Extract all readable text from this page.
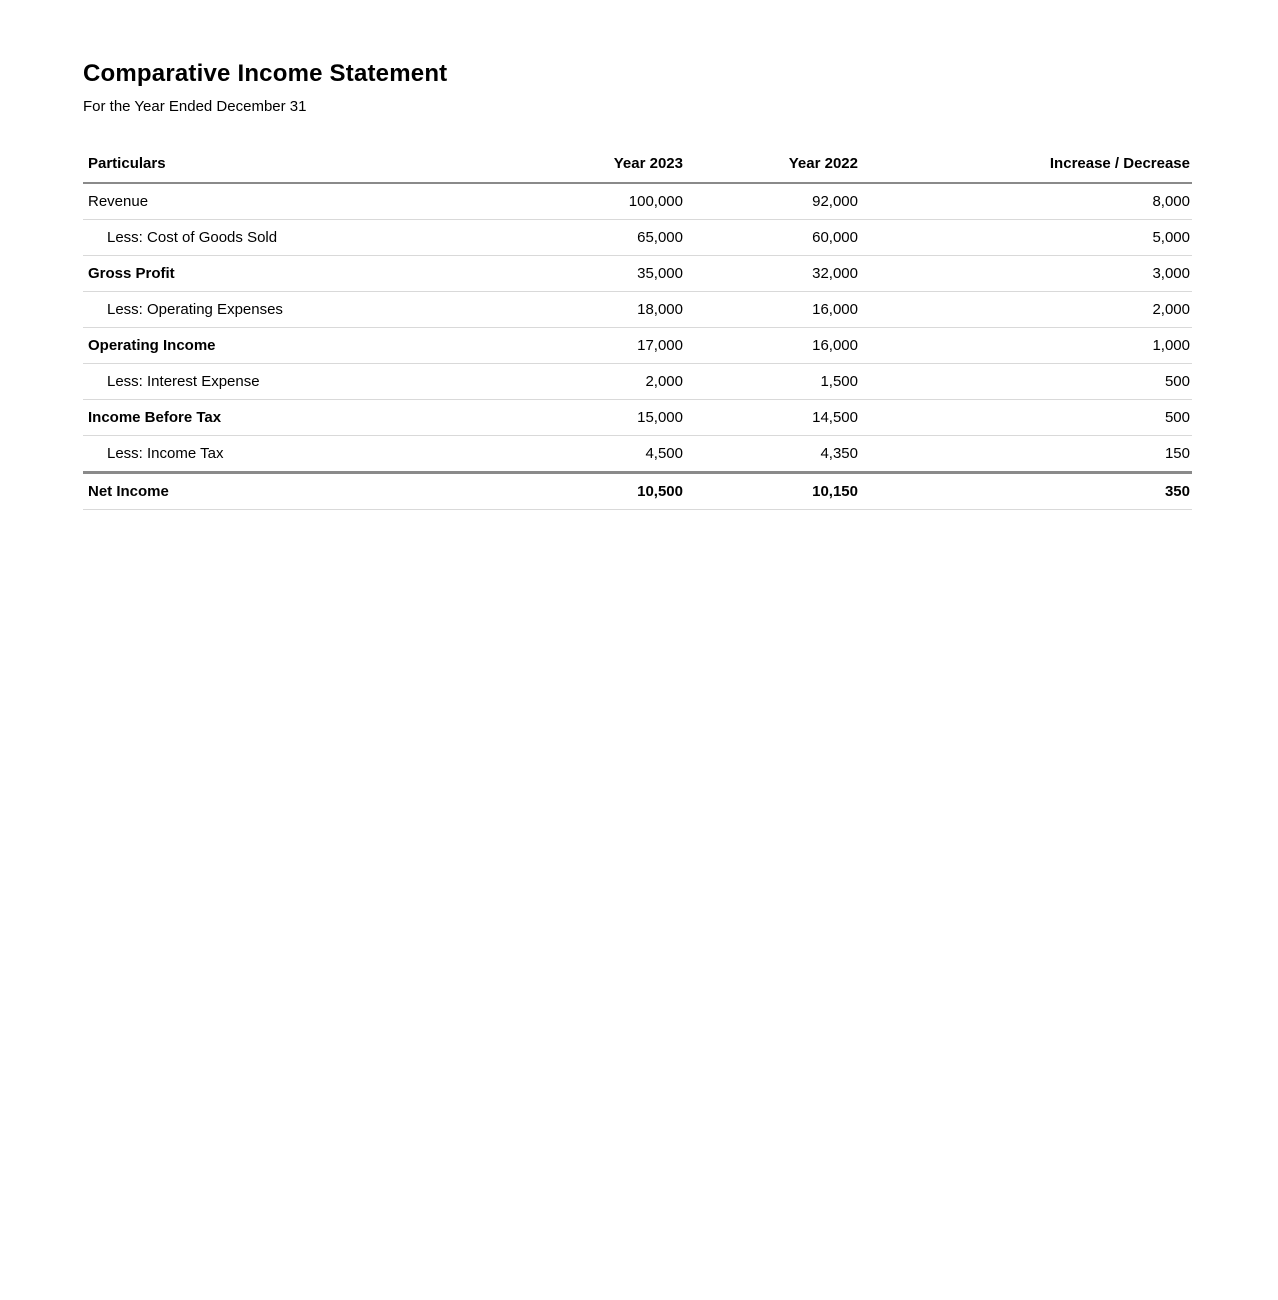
Comparative Income Statement

For the Year Ended December 31

Particulars	Year 2023	Year 2022	Increase / Decrease
Revenue	100,000	92,000	8,000
Less: Cost of Goods Sold	65,000	60,000	5,000
Gross Profit	35,000	32,000	3,000
Less: Operating Expenses	18,000	16,000	2,000
Operating Income	17,000	16,000	1,000
Less: Interest Expense	2,000	1,500	500
Income Before Tax	15,000	14,500	500
Less: Income Tax	4,500	4,350	150
Net Income	10,500	10,150	350
